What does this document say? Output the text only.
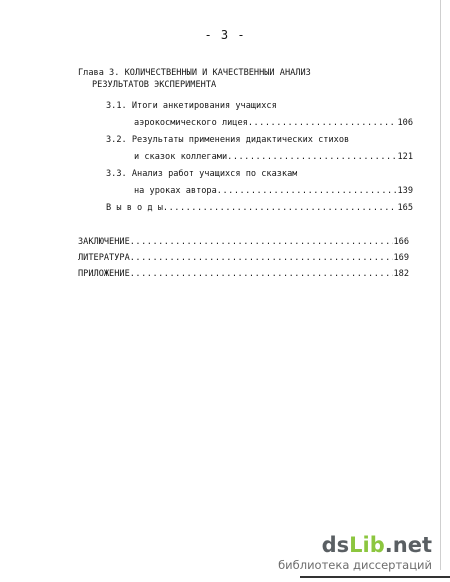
- 3 -
Глава 3. КОЛИЧЕСТВЕННЫЙ И КАЧЕСТВЕННЫЙ АНАЛИЗ
РЕЗУЛЬТАТОВ ЭКСПЕРИМЕНТА
3.1. Итоги анкетирования учащихся
аэрокосмического лицея .....	106
3.2. Результаты применения дидактических стихов
и сказок коллегами .....	121
3.3. Анализ работ учащихся по сказкам
на уроках автора .....	139
В ы в о д ы .....	165
ЗАКЛЮЧЕНИЕ .....	166
ЛИТЕРАТУРА .....	169
ПРИЛОЖЕНИЕ .....	182
dsLib.net
библиотека диссертаций
